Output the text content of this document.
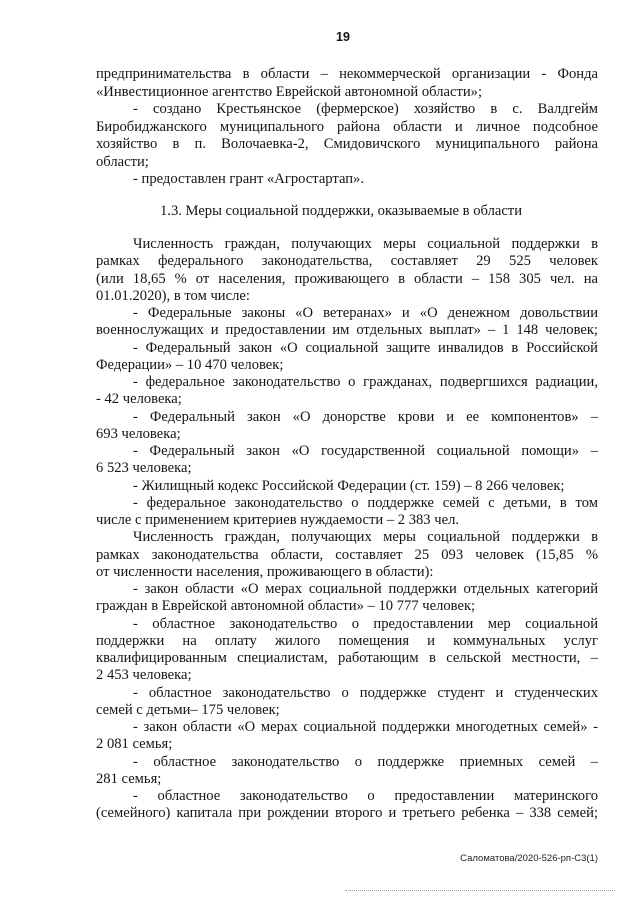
19
предпринимательства в области – некоммерческой организации - Фонда
«Инвестиционное агентство Еврейской автономной области»;
- создано Крестьянское (фермерское) хозяйство в с. Валдгейм
Биробиджанского муниципального района области и личное подсобное
хозяйство в п. Волочаевка-2, Смидовичского муниципального района
области;
- предоставлен грант «Агростартап».
1.3. Меры социальной поддержки, оказываемые в области
Численность граждан, получающих меры социальной поддержки в
рамках федерального законодательства, составляет 29 525 человек
(или 18,65 % от населения, проживающего в области – 158 305 чел. на
01.01.2020), в том числе:
- Федеральные законы «О ветеранах» и «О денежном довольствии
военнослужащих и предоставлении им отдельных выплат» – 1 148 человек;
- Федеральный закон «О социальной защите инвалидов в Российской
Федерации» – 10 470 человек;
- федеральное законодательство о гражданах, подвергшихся радиации,
- 42 человека;
- Федеральный закон «О донорстве крови и ее компонентов» –
693 человека;
- Федеральный закон «О государственной социальной помощи» –
6 523 человека;
- Жилищный кодекс Российской Федерации (ст. 159) – 8 266 человек;
- федеральное законодательство о поддержке семей с детьми, в том
числе с применением критериев нуждаемости – 2 383 чел.
Численность граждан, получающих меры социальной поддержки в
рамках законодательства области, составляет 25 093 человек (15,85 %
от численности населения, проживающего в области):
- закон области «О мерах социальной поддержки отдельных категорий
граждан в Еврейской автономной области» – 10 777 человек;
- областное законодательство о предоставлении мер социальной
поддержки на оплату жилого помещения и коммунальных услуг
квалифицированным специалистам, работающим в сельской местности, –
2 453 человека;
- областное законодательство о поддержке студент и студенческих
семей с детьми– 175 человек;
- закон области «О мерах социальной поддержки многодетных семей» -
2 081 семья;
- областное законодательство о поддержке приемных семей –
281 семья;
- областное законодательство о предоставлении материнского
(семейного) капитала при рождении второго и третьего ребенка – 338 семей;
Саломатова/2020-526-рп-С3(1)
